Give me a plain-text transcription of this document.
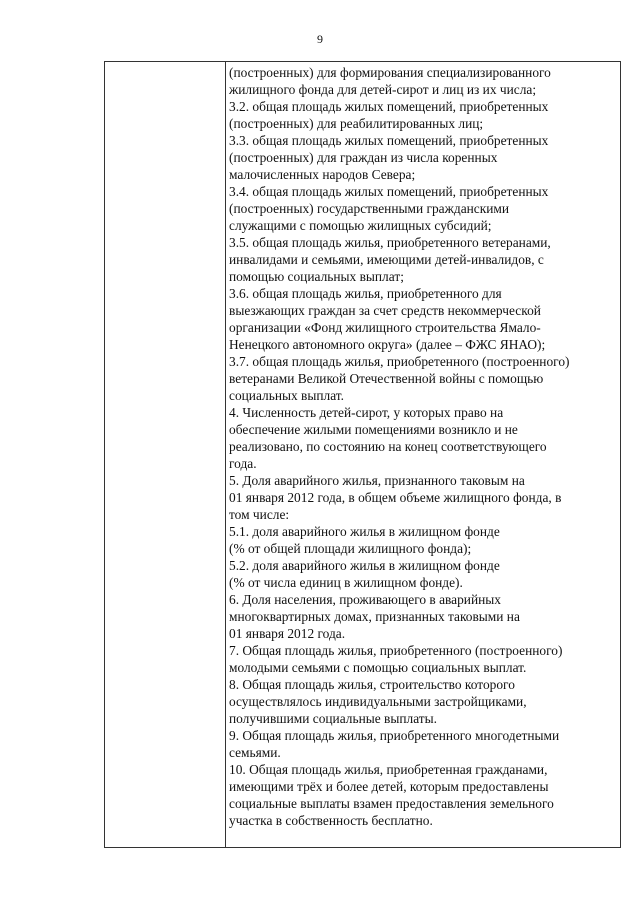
9
(построенных) для формирования специализированного
жилищного фонда для детей-сирот и лиц из их числа;
3.2. общая площадь жилых помещений, приобретенных
(построенных) для реабилитированных лиц;
3.3. общая площадь жилых помещений, приобретенных
(построенных) для граждан из числа коренных
малочисленных народов Севера;
3.4. общая площадь жилых помещений, приобретенных
(построенных) государственными гражданскими
служащими с помощью жилищных субсидий;
3.5. общая площадь жилья, приобретенного ветеранами,
инвалидами и семьями, имеющими детей-инвалидов, с
помощью социальных выплат;
3.6. общая площадь жилья, приобретенного для
выезжающих граждан за счет средств некоммерческой
организации «Фонд жилищного строительства Ямало-
Ненецкого автономного округа» (далее – ФЖС ЯНАО);
3.7. общая площадь жилья, приобретенного (построенного)
ветеранами Великой Отечественной войны с помощью
социальных выплат.
4. Численность детей-сирот, у которых право на
обеспечение жилыми помещениями возникло и не
реализовано, по состоянию на конец соответствующего
года.
5. Доля аварийного жилья, признанного таковым на
01 января 2012 года, в общем объеме жилищного фонда, в
том числе:
5.1. доля аварийного жилья в жилищном фонде
(% от общей площади жилищного фонда);
5.2. доля аварийного жилья в жилищном фонде
(% от числа единиц в жилищном фонде).
6. Доля населения, проживающего в аварийных
многоквартирных домах, признанных таковыми на
01 января 2012 года.
7. Общая площадь жилья, приобретенного (построенного)
молодыми семьями с помощью социальных выплат.
8. Общая площадь жилья, строительство которого
осуществлялось индивидуальными застройщиками,
получившими социальные выплаты.
9. Общая площадь жилья, приобретенного многодетными
семьями.
10. Общая площадь жилья, приобретенная гражданами,
имеющими трёх и более детей, которым предоставлены
социальные выплаты взамен предоставления земельного
участка в собственность бесплатно.
